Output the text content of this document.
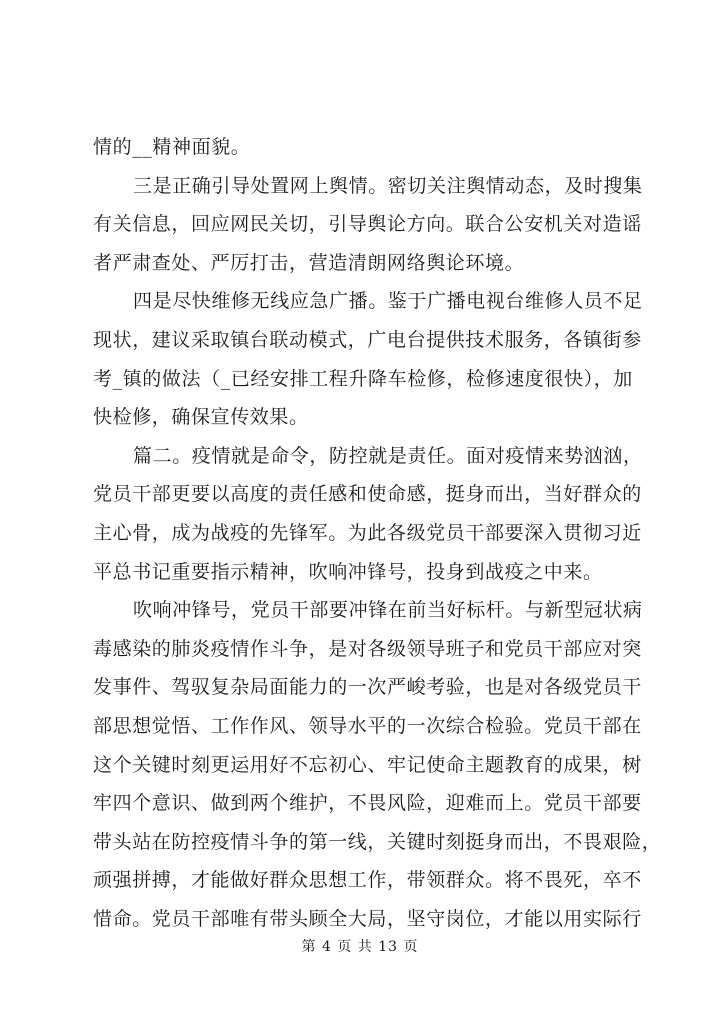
情的__精神面貌。
三是正确引导处置网上舆情。密切关注舆情动态，及时搜集
有关信息，回应网民关切，引导舆论方向。联合公安机关对造谣
者严肃查处、严厉打击，营造清朗网络舆论环境。
四是尽快维修无线应急广播。鉴于广播电视台维修人员不足
现状，建议采取镇台联动模式，广电台提供技术服务，各镇街参
考_镇的做法（_已经安排工程升降车检修，检修速度很快），加
快检修，确保宣传效果。
篇二。疫情就是命令，防控就是责任。面对疫情来势汹汹，
党员干部更要以高度的责任感和使命感，挺身而出，当好群众的
主心骨，成为战疫的先锋军。为此各级党员干部要深入贯彻习近
平总书记重要指示精神，吹响冲锋号，投身到战疫之中来。
吹响冲锋号，党员干部要冲锋在前当好标杆。与新型冠状病
毒感染的肺炎疫情作斗争，是对各级领导班子和党员干部应对突
发事件、驾驭复杂局面能力的一次严峻考验，也是对各级党员干
部思想觉悟、工作作风、领导水平的一次综合检验。党员干部在
这个关键时刻更运用好不忘初心、牢记使命主题教育的成果，树
牢四个意识、做到两个维护，不畏风险，迎难而上。党员干部要
带头站在防控疫情斗争的第一线，关键时刻挺身而出，不畏艰险，
顽强拼搏，才能做好群众思想工作，带领群众。将不畏死，卒不
惜命。党员干部唯有带头顾全大局，坚守岗位，才能以用实际行
第 4 页 共 13 页
